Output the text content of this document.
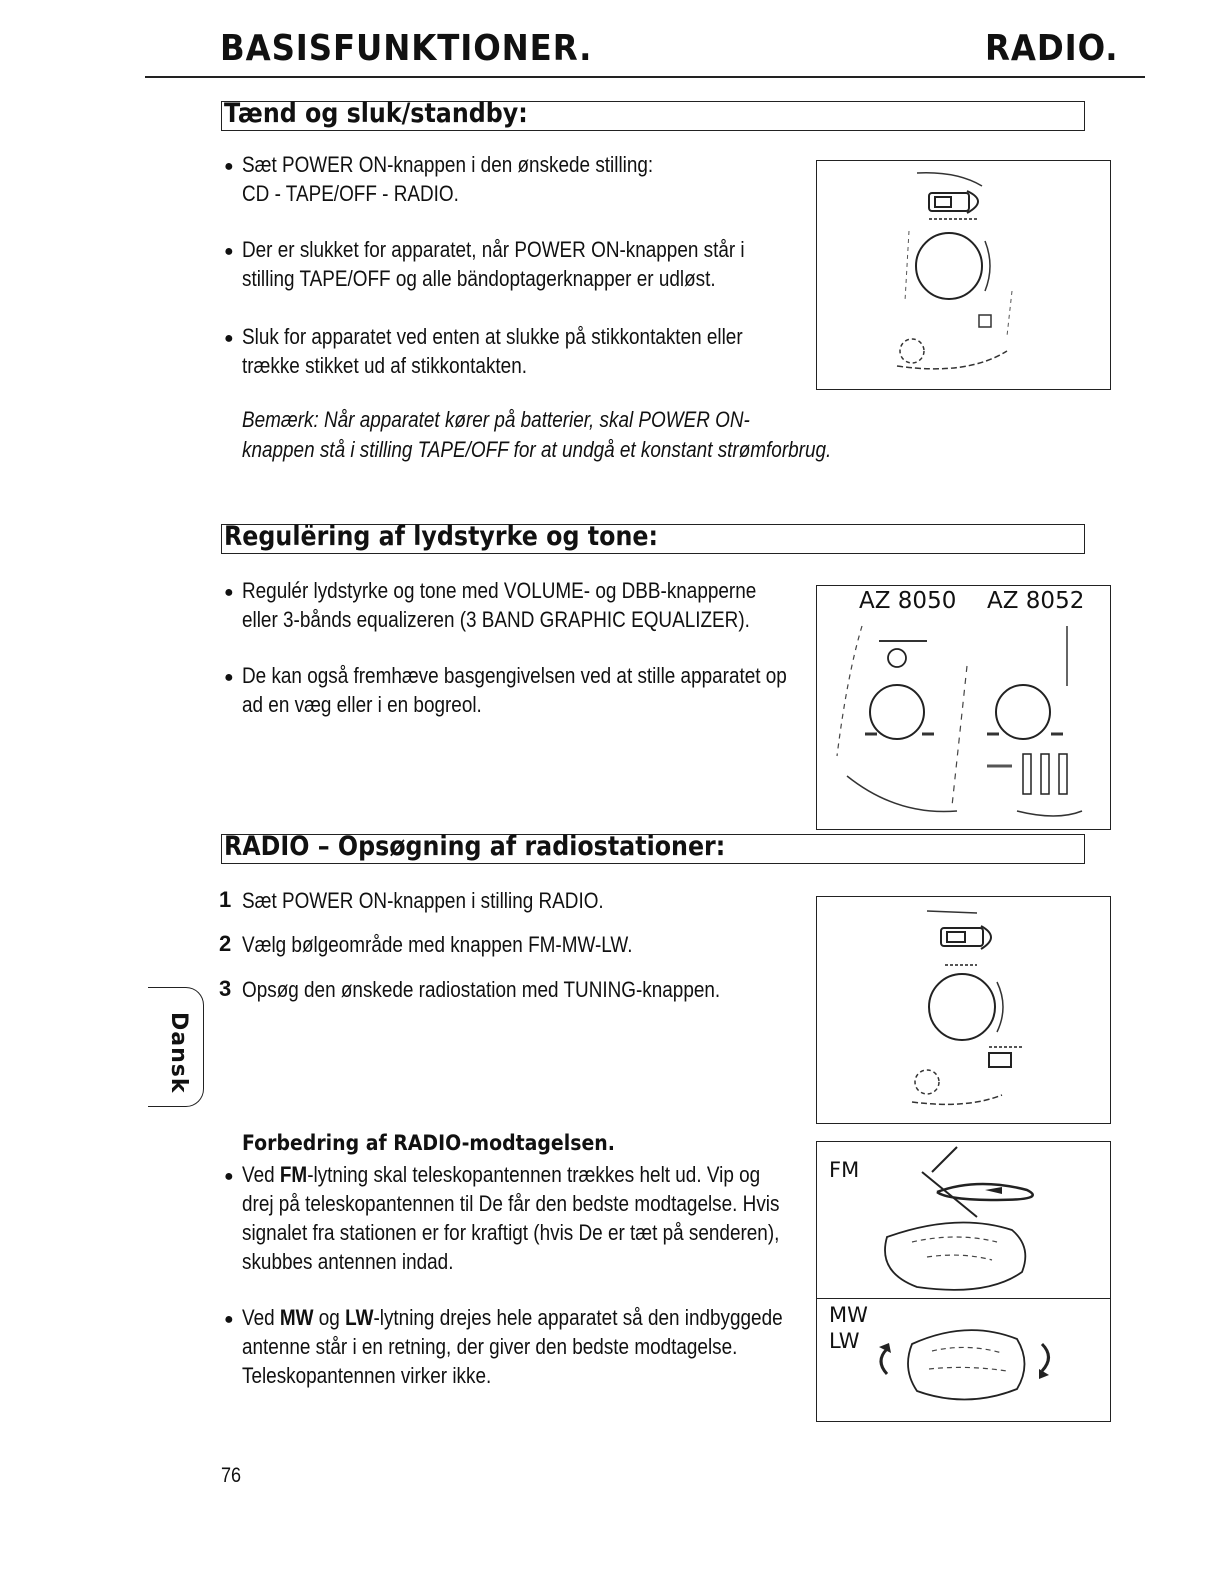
BASISFUNKTIONER.	RADIO.
Tænd og sluk/standby:
● Sæt POWER ON-knappen i den ønskede stilling:
CD - TAPE/OFF - RADIO.
● Der er slukket for apparatet, når POWER ON-knappen står i
stilling TAPE/OFF og alle bändoptagerknapper er udløst.
● Sluk for apparatet ved enten at slukke på stikkontakten eller
trække stikket ud af stikkontakten.
Bemærk: Når apparatet kører på batterier, skal POWER ON-
knappen stå i stilling TAPE/OFF for at undgå et konstant strømforbrug.
Regulëring af lydstyrke og tone:
● Regulér lydstyrke og tone med VOLUME- og DBB-knapperne
eller 3-bånds equalizeren (3 BAND GRAPHIC EQUALIZER).
● De kan også fremhæve basgengivelsen ved at stille apparatet op
ad en væg eller i en bogreol.
AZ 8050 AZ 8052
RADIO – Opsøgning af radiostationer:
1 Sæt POWER ON-knappen i stilling RADIO.
2 Vælg bølgeområde med knappen FM-MW-LW.
3 Opsøg den ønskede radiostation med TUNING-knappen.
Dansk
Forbedring af RADIO-modtagelsen.
● Ved FM-lytning skal teleskopantennen trækkes helt ud. Vip og
drej på teleskopantennen til De får den bedste modtagelse. Hvis
signalet fra stationen er for kraftigt (hvis De er tæt på senderen),
skubbes antennen indad.
● Ved MW og LW-lytning drejes hele apparatet så den indbyggede
antenne står i en retning, der giver den bedste modtagelse.
Teleskopantennen virker ikke.
FM
MW
LW
76
